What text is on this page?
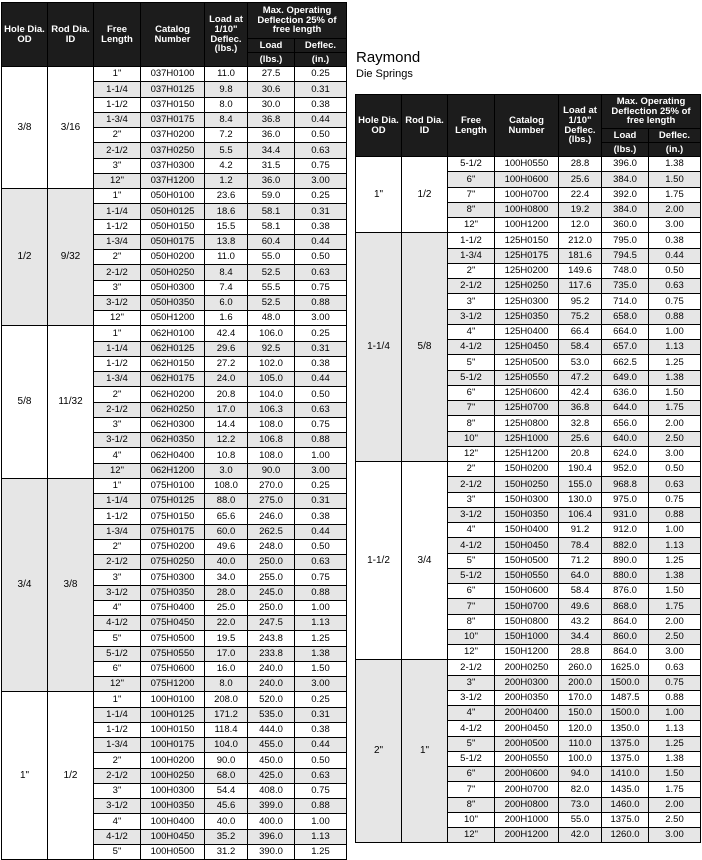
Raymond
Die Springs
Hole Dia. OD	Rod Dia. ID	Free Length	Catalog Number	Load at 1/10" Deflec. (lbs.)	Max. Operating Deflection 25% of free length	
					Load	Deflec.
					(lbs.)	(in.)
3/8	3/16	1"	037H0100	11.0	27.5	0.25
		1-1/4	037H0125	9.8	30.6	0.31
		1-1/2	037H0150	8.0	30.0	0.38
		1-3/4	037H0175	8.4	36.8	0.44
		2"	037H0200	7.2	36.0	0.50
		2-1/2	037H0250	5.5	34.4	0.63
		3"	037H0300	4.2	31.5	0.75
		12"	037H1200	1.2	36.0	3.00
1/2	9/32	1"	050H0100	23.6	59.0	0.25
		1-1/4	050H0125	18.6	58.1	0.31
		1-1/2	050H0150	15.5	58.1	0.38
		1-3/4	050H0175	13.8	60.4	0.44
		2"	050H0200	11.0	55.0	0.50
		2-1/2	050H0250	8.4	52.5	0.63
		3"	050H0300	7.4	55.5	0.75
		3-1/2	050H0350	6.0	52.5	0.88
		12"	050H1200	1.6	48.0	3.00
5/8	11/32	1"	062H0100	42.4	106.0	0.25
		1-1/4	062H0125	29.6	92.5	0.31
		1-1/2	062H0150	27.2	102.0	0.38
		1-3/4	062H0175	24.0	105.0	0.44
		2"	062H0200	20.8	104.0	0.50
		2-1/2	062H0250	17.0	106.3	0.63
		3"	062H0300	14.4	108.0	0.75
		3-1/2	062H0350	12.2	106.8	0.88
		4"	062H0400	10.8	108.0	1.00
		12"	062H1200	3.0	90.0	3.00
3/4	3/8	1"	075H0100	108.0	270.0	0.25
		1-1/4	075H0125	88.0	275.0	0.31
		1-1/2	075H0150	65.6	246.0	0.38
		1-3/4	075H0175	60.0	262.5	0.44
		2"	075H0200	49.6	248.0	0.50
		2-1/2	075H0250	40.0	250.0	0.63
		3"	075H0300	34.0	255.0	0.75
		3-1/2	075H0350	28.0	245.0	0.88
		4"	075H0400	25.0	250.0	1.00
		4-1/2	075H0450	22.0	247.5	1.13
		5"	075H0500	19.5	243.8	1.25
		5-1/2	075H0550	17.0	233.8	1.38
		6"	075H0600	16.0	240.0	1.50
		12"	075H1200	8.0	240.0	3.00
1"	1/2	1"	100H0100	208.0	520.0	0.25
		1-1/4	100H0125	171.2	535.0	0.31
		1-1/2	100H0150	118.4	444.0	0.38
		1-3/4	100H0175	104.0	455.0	0.44
		2"	100H0200	90.0	450.0	0.50
		2-1/2	100H0250	68.0	425.0	0.63
		3"	100H0300	54.4	408.0	0.75
		3-1/2	100H0350	45.6	399.0	0.88
		4"	100H0400	40.0	400.0	1.00
		4-1/2	100H0450	35.2	396.0	1.13
		5"	100H0500	31.2	390.0	1.25
Hole Dia. OD	Rod Dia. ID	Free Length	Catalog Number	Load at 1/10" Deflec. (lbs.)	Max. Operating Deflection 25% of free length	
					Load	Deflec.
					(lbs.)	(in.)
1"	1/2	5-1/2	100H0550	28.8	396.0	1.38
		6"	100H0600	25.6	384.0	1.50
		7"	100H0700	22.4	392.0	1.75
		8"	100H0800	19.2	384.0	2.00
		12"	100H1200	12.0	360.0	3.00
1-1/4	5/8	1-1/2	125H0150	212.0	795.0	0.38
		1-3/4	125H0175	181.6	794.5	0.44
		2"	125H0200	149.6	748.0	0.50
		2-1/2	125H0250	117.6	735.0	0.63
		3"	125H0300	95.2	714.0	0.75
		3-1/2	125H0350	75.2	658.0	0.88
		4"	125H0400	66.4	664.0	1.00
		4-1/2	125H0450	58.4	657.0	1.13
		5"	125H0500	53.0	662.5	1.25
		5-1/2	125H0550	47.2	649.0	1.38
		6"	125H0600	42.4	636.0	1.50
		7"	125H0700	36.8	644.0	1.75
		8"	125H0800	32.8	656.0	2.00
		10"	125H1000	25.6	640.0	2.50
		12"	125H1200	20.8	624.0	3.00
1-1/2	3/4	2"	150H0200	190.4	952.0	0.50
		2-1/2	150H0250	155.0	968.8	0.63
		3"	150H0300	130.0	975.0	0.75
		3-1/2	150H0350	106.4	931.0	0.88
		4"	150H0400	91.2	912.0	1.00
		4-1/2	150H0450	78.4	882.0	1.13
		5"	150H0500	71.2	890.0	1.25
		5-1/2	150H0550	64.0	880.0	1.38
		6"	150H0600	58.4	876.0	1.50
		7"	150H0700	49.6	868.0	1.75
		8"	150H0800	43.2	864.0	2.00
		10"	150H1000	34.4	860.0	2.50
		12"	150H1200	28.8	864.0	3.00
2"	1"	2-1/2	200H0250	260.0	1625.0	0.63
		3"	200H0300	200.0	1500.0	0.75
		3-1/2	200H0350	170.0	1487.5	0.88
		4"	200H0400	150.0	1500.0	1.00
		4-1/2	200H0450	120.0	1350.0	1.13
		5"	200H0500	110.0	1375.0	1.25
		5-1/2	200H0550	100.0	1375.0	1.38
		6"	200H0600	94.0	1410.0	1.50
		7"	200H0700	82.0	1435.0	1.75
		8"	200H0800	73.0	1460.0	2.00
		10"	200H1000	55.0	1375.0	2.50
		12"	200H1200	42.0	1260.0	3.00
